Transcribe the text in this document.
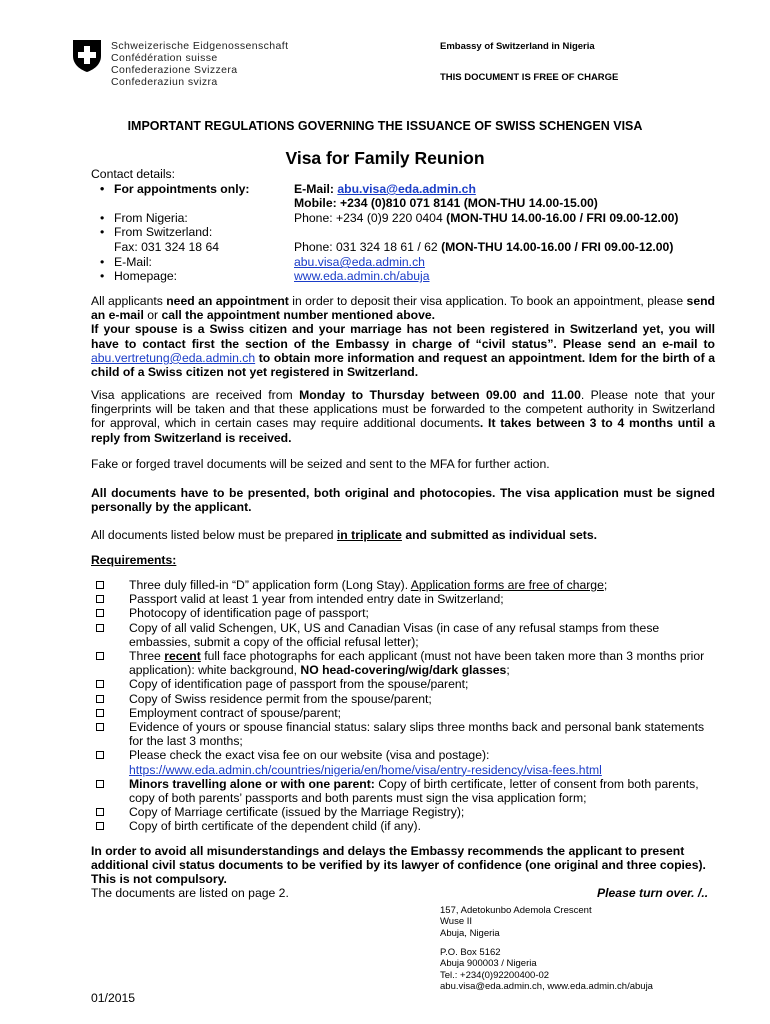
Schweizerische Eidgenossenschaft
Confédération suisse
Confederazione Svizzera
Confederaziun svizra
Embassy of Switzerland in Nigeria
THIS DOCUMENT IS FREE OF CHARGE
IMPORTANT REGULATIONS GOVERNING THE ISSUANCE OF SWISS SCHENGEN VISA
Visa for Family Reunion
Contact details:
• For appointments only:	E-Mail: abu.visa@eda.admin.ch
Mobile: +234 (0)810 071 8141 (MON-THU 14.00-15.00)
• From Nigeria:	Phone: +234 (0)9 220 0404 (MON-THU 14.00-16.00 / FRI 09.00-12.00)
• From Switzerland:
Fax: 031 324 18 64	Phone: 031 324 18 61 / 62 (MON-THU 14.00-16.00 / FRI 09.00-12.00)
• E-Mail:	abu.visa@eda.admin.ch
• Homepage:	www.eda.admin.ch/abuja
All applicants need an appointment in order to deposit their visa application. To book an appointment, please send an e-mail or call the appointment number mentioned above.
If your spouse is a Swiss citizen and your marriage has not been registered in Switzerland yet, you will have to contact first the section of the Embassy in charge of “civil status”. Please send an e-mail to abu.vertretung@eda.admin.ch to obtain more information and request an appointment. Idem for the birth of a child of a Swiss citizen not yet registered in Switzerland.
Visa applications are received from Monday to Thursday between 09.00 and 11.00. Please note that your fingerprints will be taken and that these applications must be forwarded to the competent authority in Switzerland for approval, which in certain cases may require additional documents. It takes between 3 to 4 months until a reply from Switzerland is received.
Fake or forged travel documents will be seized and sent to the MFA for further action.
All documents have to be presented, both original and photocopies. The visa application must be signed personally by the applicant.
All documents listed below must be prepared in triplicate and submitted as individual sets.
Requirements:
Three duly filled-in “D” application form (Long Stay). Application forms are free of charge;
Passport valid at least 1 year from intended entry date in Switzerland;
Photocopy of identification page of passport;
Copy of all valid Schengen, UK, US and Canadian Visas (in case of any refusal stamps from these embassies, submit a copy of the official refusal letter);
Three recent full face photographs for each applicant (must not have been taken more than 3 months prior application): white background, NO head-covering/wig/dark glasses;
Copy of identification page of passport from the spouse/parent;
Copy of Swiss residence permit from the spouse/parent;
Employment contract of spouse/parent;
Evidence of yours or spouse financial status: salary slips three months back and personal bank statements for the last 3 months;
Please check the exact visa fee on our website (visa and postage):
https://www.eda.admin.ch/countries/nigeria/en/home/visa/entry-residency/visa-fees.html
Minors travelling alone or with one parent: Copy of birth certificate, letter of consent from both parents, copy of both parents’ passports and both parents must sign the visa application form;
Copy of Marriage certificate (issued by the Marriage Registry);
Copy of birth certificate of the dependent child (if any).
In order to avoid all misunderstandings and delays the Embassy recommends the applicant to present additional civil status documents to be verified by its lawyer of confidence (one original and three copies). This is not compulsory.
The documents are listed on page 2.	Please turn over. /..
157, Adetokunbo Ademola Crescent
Wuse II
Abuja, Nigeria
P.O. Box 5162
Abuja 900003 / Nigeria
Tel.: +234(0)92200400-02
abu.visa@eda.admin.ch, www.eda.admin.ch/abuja
01/2015
